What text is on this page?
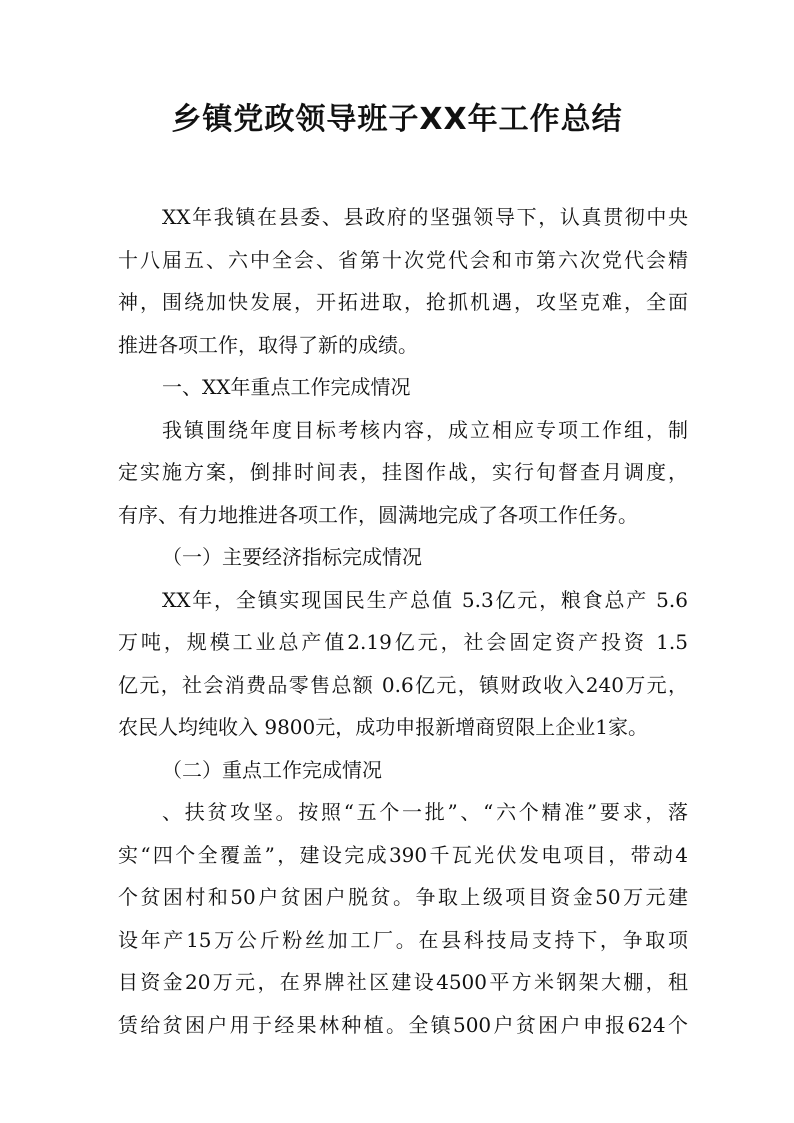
乡镇党政领导班子XX年工作总结
XX年我镇在县委、县政府的坚强领导下，认真贯彻中央
十八届五、六中全会、省第十次党代会和市第六次党代会精
神，围绕加快发展，开拓进取，抢抓机遇，攻坚克难，全面
推进各项工作，取得了新的成绩。
一、XX年重点工作完成情况
我镇围绕年度目标考核内容，成立相应专项工作组，制
定实施方案，倒排时间表，挂图作战，实行旬督查月调度，
有序、有力地推进各项工作，圆满地完成了各项工作任务。
（一）主要经济指标完成情况
XX年，全镇实现国民生产总值 5.3亿元，粮食总产 5.6
万吨，规模工业总产值2.19亿元，社会固定资产投资 1.5
亿元，社会消费品零售总额 0.6亿元，镇财政收入240万元，
农民人均纯收入 9800元，成功申报新增商贸限上企业1家。
（二）重点工作完成情况
、扶贫攻坚。按照“五个一批”、“六个精准”要求，落
实“四个全覆盖”，建设完成390千瓦光伏发电项目，带动4
个贫困村和50户贫困户脱贫。争取上级项目资金50万元建
设年产15万公斤粉丝加工厂。在县科技局支持下，争取项
目资金20万元，在界牌社区建设4500平方米钢架大棚，租
赁给贫困户用于经果林种植。全镇500户贫困户申报624个
